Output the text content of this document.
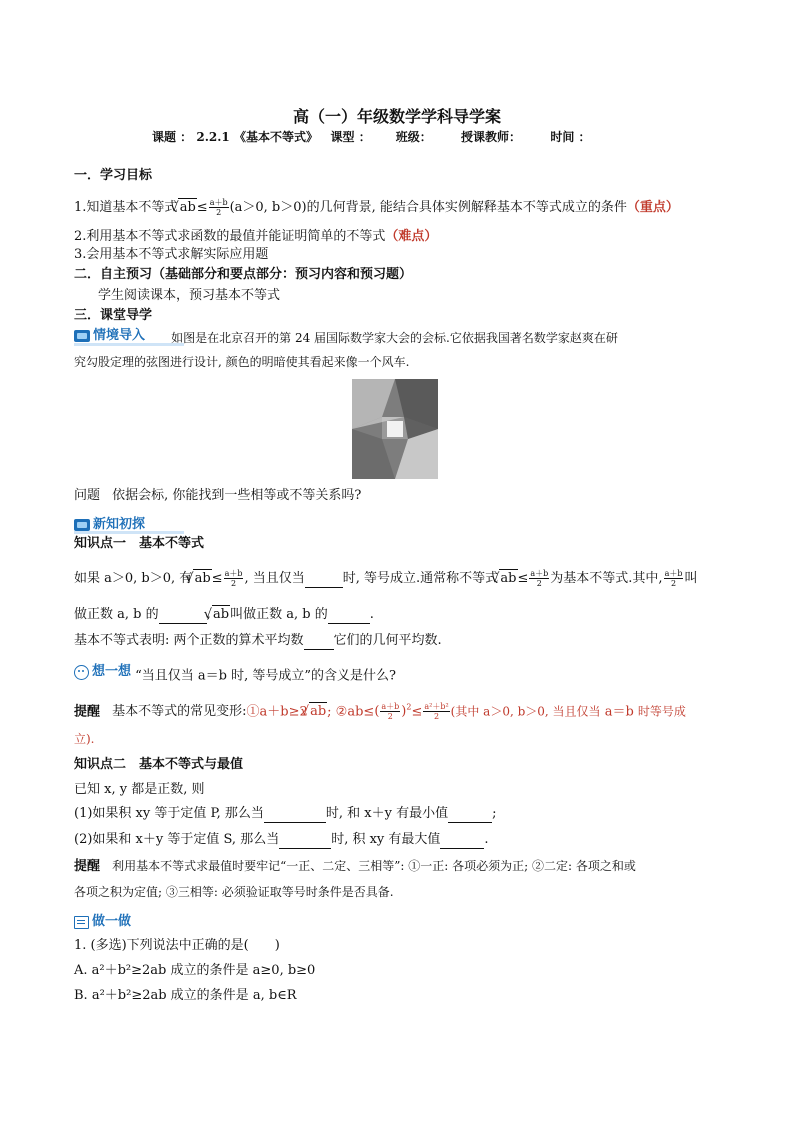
高（一）年级数学学科导学案
课题 ： 2.2.1 《基本不等式》 课型 ： 班级： 授课教师： 时间 ：
一．学习目标
1.知道基本不等式 √ $ab\le \frac{a+b}{2} (a>0$, b＞0)的几何背景, 能结合具体实例解释基本不等式成立的条件（重点）
2.利用基本不等式求函数的最值并能证明简单的不等式（难点）
3.会用基本不等式求解实际应用题
二．自主预习（基础部分和要点部分：预习内容和预习题）
学生阅读课本，预习基本不等式
三．课堂导学
情境导入 如图是在北京召开的第 24 届国际数学家大会的会标.它依据我国著名数学家赵爽在研
究勾股定理的弦图进行设计, 颜色的明暗使其看起来像一个风车.
问题 依据会标, 你能找到一些相等或不等关系吗?
新知初探
知识点一　基本不等式
如果 a＞0, b＞0, 有 √ $ab\le \frac{a+b}{2}$ , 当且仅当	时, 等号成立.通常称不等式 √ $ab\le \frac{a+b}{2}$ 为基本不等式.其中, $\frac{a+b}{2}$ 叫
做正数 a, b 的	, √ ab叫做正数 a, b 的	.
基本不等式表明: 两个正数的算术平均数 它们的几何平均数.
想一想 “当且仅当 a＝b 时, 等号成立”的含义是什么?
提醒 基本不等式的常见变形:①a＋b≥2 √ ab; ②ab≤( $\frac{a+b}{2} )^2\le \frac{\text{a²＋b²}}{2}$ (其中 a＞0, b＞0, 当且仅当 a＝b 时等号成
立).
知识点二　基本不等式与最值
已知 x, y 都是正数, 则
(1)如果积 xy 等于定值 P, 那么当	时, 和 x＋y 有最小值	;
(2)如果和 x＋y 等于定值 S, 那么当	时, 积 xy 有最大值	.
提醒 利用基本不等式求最值时要牢记“一正、二定、三相等”: ①一正: 各项必须为正; ②二定: 各项之和或
各项之积为定值; ③三相等: 必须验证取等号时条件是否具备.
做一做
1. (多选)下列说法中正确的是(　　)
A. a²＋b²≥2ab 成立的条件是 a≥0, b≥0
B. a²＋b²≥2ab 成立的条件是 a, b∈R
